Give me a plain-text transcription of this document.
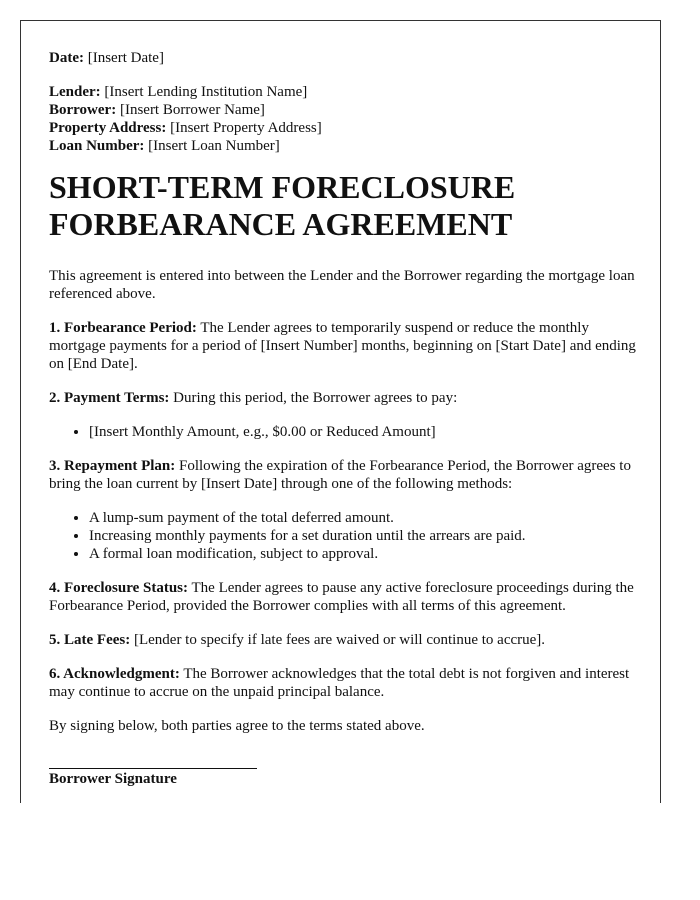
Date: [Insert Date]

Lender: [Insert Lending Institution Name]

Borrower: [Insert Borrower Name]

Property Address: [Insert Property Address]

Loan Number: [Insert Loan Number]

SHORT-TERM FORECLOSURE
FORBEARANCE AGREEMENT

This agreement is entered into between the Lender and the Borrower regarding the mortgage loan referenced above.

1. Forbearance Period: The Lender agrees to temporarily suspend or reduce the monthly mortgage payments for a period of [Insert Number] months, beginning on [Start Date] and ending on [End Date].

2. Payment Terms: During this period, the Borrower agrees to pay:

• [Insert Monthly Amount, e.g., $0.00 or Reduced Amount]

3. Repayment Plan: Following the expiration of the Forbearance Period, the Borrower agrees to bring the loan current by [Insert Date] through one of the following methods:

• A lump-sum payment of the total deferred amount.
• Increasing monthly payments for a set duration until the arrears are paid.
• A formal loan modification, subject to approval.

4. Foreclosure Status: The Lender agrees to pause any active foreclosure proceedings during the Forbearance Period, provided the Borrower complies with all terms of this agreement.

5. Late Fees: [Lender to specify if late fees are waived or will continue to accrue].

6. Acknowledgment: The Borrower acknowledges that the total debt is not forgiven and interest may continue to accrue on the unpaid principal balance.

By signing below, both parties agree to the terms stated above.

Borrower Signature
